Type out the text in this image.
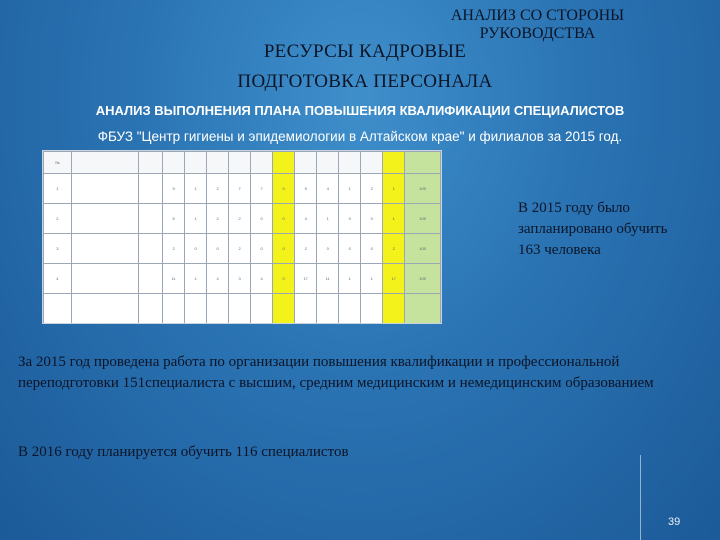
АНАЛИЗ СО СТОРОНЫ РУКОВОДСТВА
РЕСУРСЫ КАДРОВЫЕ
ПОДГОТОВКА ПЕРСОНАЛА
АНАЛИЗ ВЫПОЛНЕНИЯ ПЛАНА ПОВЫШЕНИЯ КВАЛИФИКАЦИИ СПЕЦИАЛИСТОВ
ФБУЗ "Центр гигиены и эпидемиологии в Алтайском крае" и филиалов за 2015 год.
№														
1			9	1	2	7	7	0	5	4	1	2	1	100
2			5	1	2	2	0	0	4	1	0	0	1	100
3			2	0	0	2	0	0	2	0	0	0	2	100
4			11	1	4	3	4	0	17	11	1	1	17	100

В 2015 году было запланировано обучить 163 человека
За 2015 год проведена работа по организации повышения квалификации и профессиональной переподготовки 151специалиста с высшим, средним медицинским и немедицинским образованием
В 2016 году планируется обучить 116 специалистов
39
